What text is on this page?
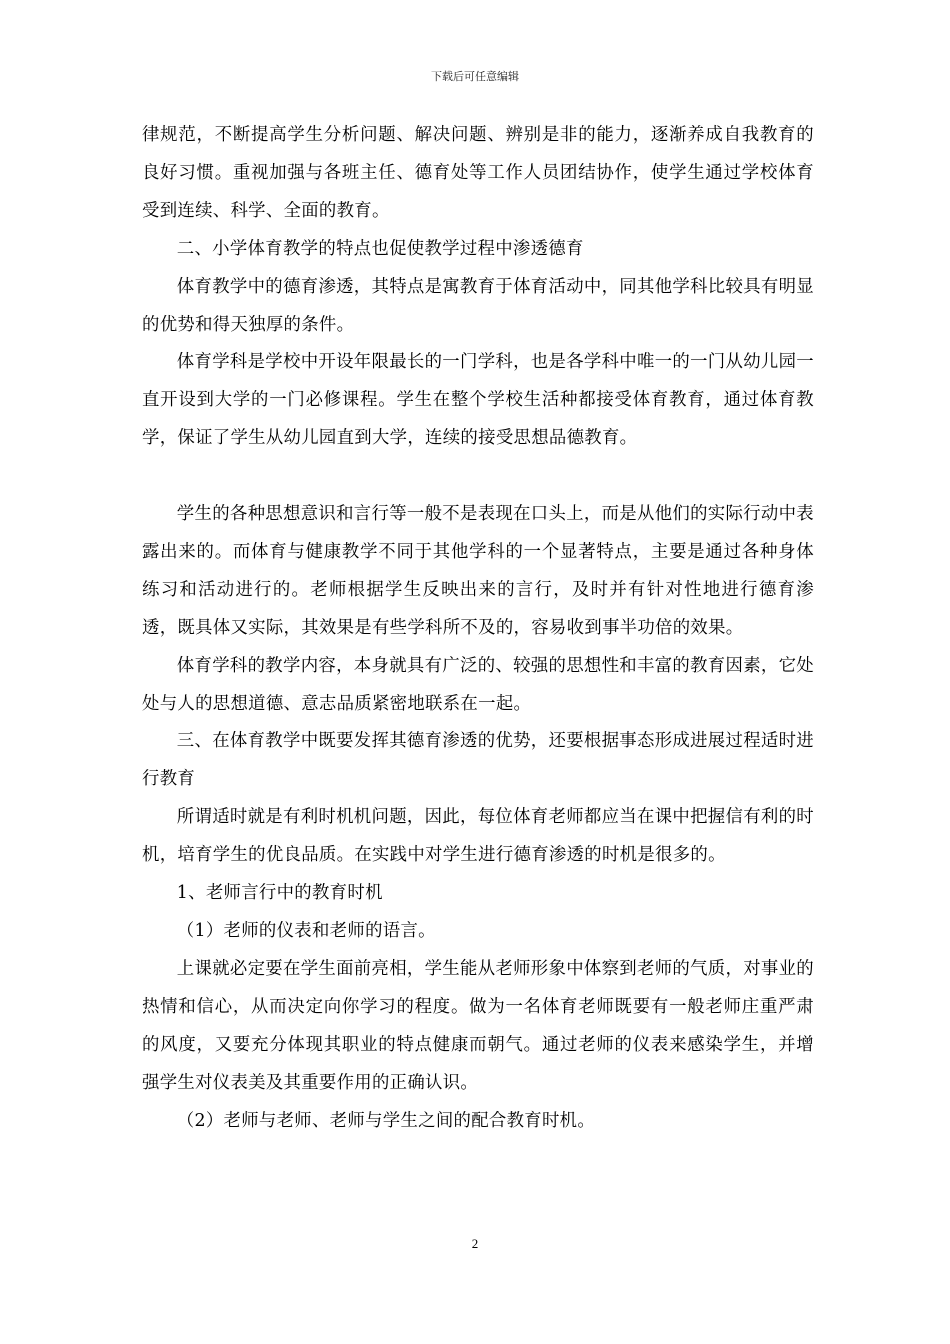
下载后可任意编辑

律规范，不断提高学生分析问题、解决问题、辨别是非的能力，逐渐养成自我教育的良好习惯。重视加强与各班主任、德育处等工作人员团结协作，使学生通过学校体育受到连续、科学、全面的教育。

二、小学体育教学的特点也促使教学过程中渗透德育

体育教学中的德育渗透，其特点是寓教育于体育活动中，同其他学科比较具有明显的优势和得天独厚的条件。

体育学科是学校中开设年限最长的一门学科，也是各学科中唯一的一门从幼儿园一直开设到大学的一门必修课程。学生在整个学校生活种都接受体育教育，通过体育教学，保证了学生从幼儿园直到大学，连续的接受思想品德教育。

学生的各种思想意识和言行等一般不是表现在口头上，而是从他们的实际行动中表露出来的。而体育与健康教学不同于其他学科的一个显著特点，主要是通过各种身体练习和活动进行的。老师根据学生反映出来的言行，及时并有针对性地进行德育渗透，既具体又实际，其效果是有些学科所不及的，容易收到事半功倍的效果。

体育学科的教学内容，本身就具有广泛的、较强的思想性和丰富的教育因素，它处处与人的思想道德、意志品质紧密地联系在一起。

三、在体育教学中既要发挥其德育渗透的优势，还要根据事态形成进展过程适时进行教育

所谓适时就是有利时机机问题，因此，每位体育老师都应当在课中把握信有利的时机，培育学生的优良品质。在实践中对学生进行德育渗透的时机是很多的。

1、老师言行中的教育时机

（1）老师的仪表和老师的语言。

上课就必定要在学生面前亮相，学生能从老师形象中体察到老师的气质，对事业的热情和信心，从而决定向你学习的程度。做为一名体育老师既要有一般老师庄重严肃的风度，又要充分体现其职业的特点健康而朝气。通过老师的仪表来感染学生，并增强学生对仪表美及其重要作用的正确认识。

（2）老师与老师、老师与学生之间的配合教育时机。

2
